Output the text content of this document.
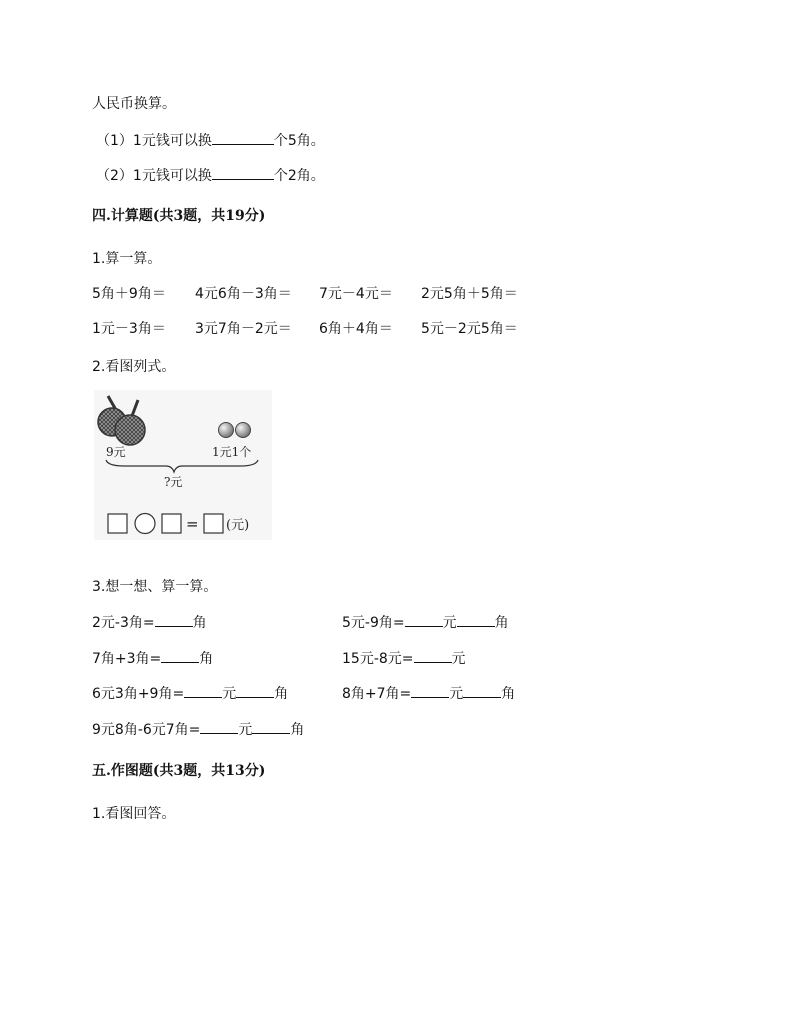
人民币换算。
（1）1元钱可以换	个5角。
（2）1元钱可以换	个2角。
四.计算题(共3题，共19分)
1.算一算。
5角＋9角＝ 4元6角－3角＝ 7元－4元＝ 2元5角＋5角＝
1元－3角＝ 3元7角－2元＝ 6角＋4角＝ 5元－2元5角＝
2.看图列式。
9元	1元1个
?元
= (元)
3.想一想、算一算。
2元-3角=	角	5元-9角=	元	角
7角+3角=	角	15元-8元=	元
6元3角+9角=	元	角	8角+7角=	元	角
9元8角-6元7角=	元	角
五.作图题(共3题，共13分)
1.看图回答。
